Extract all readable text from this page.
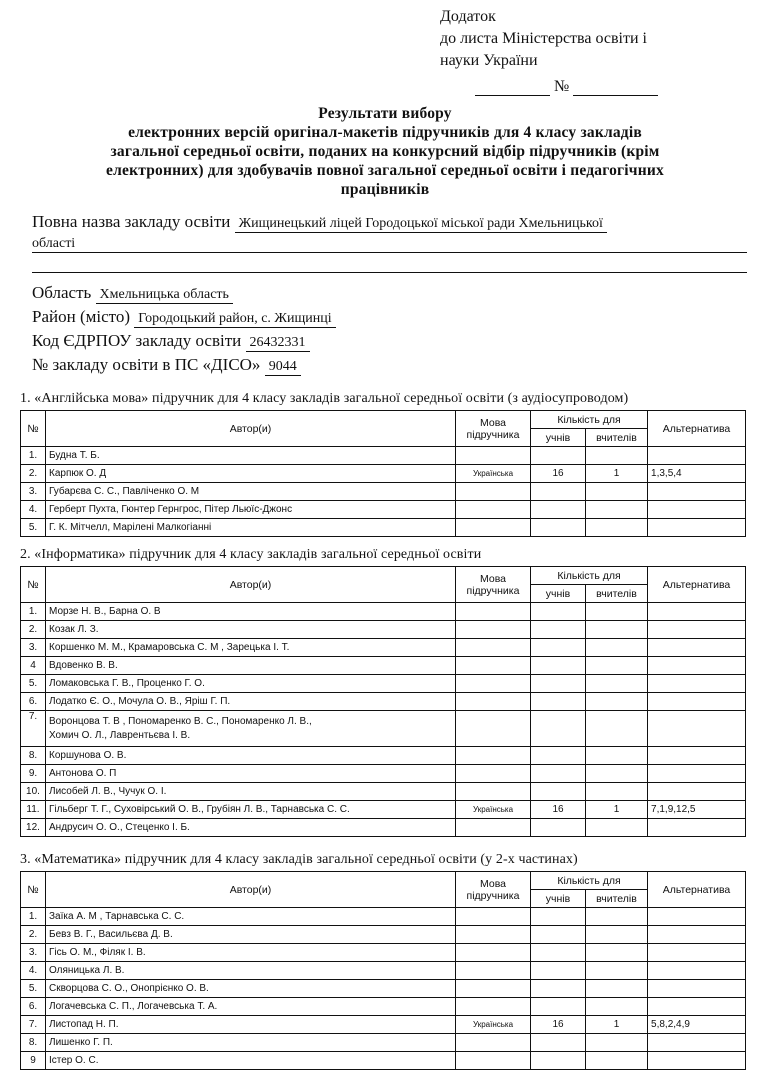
Додаток
до листа Міністерства освіти і
науки України
№
Результати вибору
електронних версій оригінал-макетів підручників для 4 класу закладів
загальної середньої освіти, поданих на конкурсний відбір підручників (крім
електронних) для здобувачів повної загальної середньої освіти і педагогічних
працівників
Повна назва закладу освіти Жищинецький ліцей Городоцької міської ради Хмельницької
області
Область Хмельницька область
Район (місто) Городоцький район, с. Жищинці
Код ЄДРПОУ закладу освіти 26432331
№ закладу освіти в ПС «ДІСО» 9044
1. «Англійська мова» підручник для 4 класу закладів загальної середньої освіти (з аудіосупроводом)
№	Автор(и)	Мова
підручника	Кількість для		Альтернатива
			учнів	вчителів	
1.	Будна Т. Б.				
2.	Карпюк О. Д	Українська	16	1	1,3,5,4
3.	Губарєва С. С., Павліченко О. М				
4.	Герберт Пухта, Гюнтер Гернгрос, Пітер Льюїс-Джонс				
5.	Г. К. Мітчелл, Марілені Малкогіанні				
2. «Інформатика» підручник для 4 класу закладів загальної середньої освіти
№	Автор(и)	Мова
підручника	Кількість для		Альтернатива
			учнів	вчителів	
1.	Морзе Н. В., Барна О. В				
2.	Козак Л. З.				
3.	Коршенко М. М., Крамаровська С. М , Зарецька І. Т.				
4	Вдовенко В. В.				
5.	Ломаковська Г. В., Проценко Г. О.				
6.	Лодатко Є. О., Мочула О. В., Яріш Г. П.				
7.	Воронцова Т. В , Пономаренко В. С., Пономаренко Л. В.,
Хомич О. Л., Лаврентьєва І. В.				
8.	Коршунова О. В.				
9.	Антонова О. П				
10.	Лисобей Л. В., Чучук О. І.				
11.	Гільберг Т. Г., Суховірський О. В., Грубіян Л. В., Тарнавська С. С.	Українська	16	1	7,1,9,12,5
12.	Андрусич О. О., Стеценко І. Б.				
3. «Математика» підручник для 4 класу закладів загальної середньої освіти (у 2-х частинах)
№	Автор(и)	Мова
підручника	Кількість для		Альтернатива
			учнів	вчителів	
1.	Заїка А. М , Тарнавська С. С.				
2.	Бевз В. Г., Васильєва Д. В.				
3.	Гісь О. М., Філяк І. В.				
4.	Оляницька Л. В.				
5.	Скворцова С. О., Онопрієнко О. В.				
6.	Логачевська С. П., Логачевська Т. А.				
7.	Листопад Н. П.	Українська	16	1	5,8,2,4,9
8.	Лишенко Г. П.				
9	Істер О. С.				
